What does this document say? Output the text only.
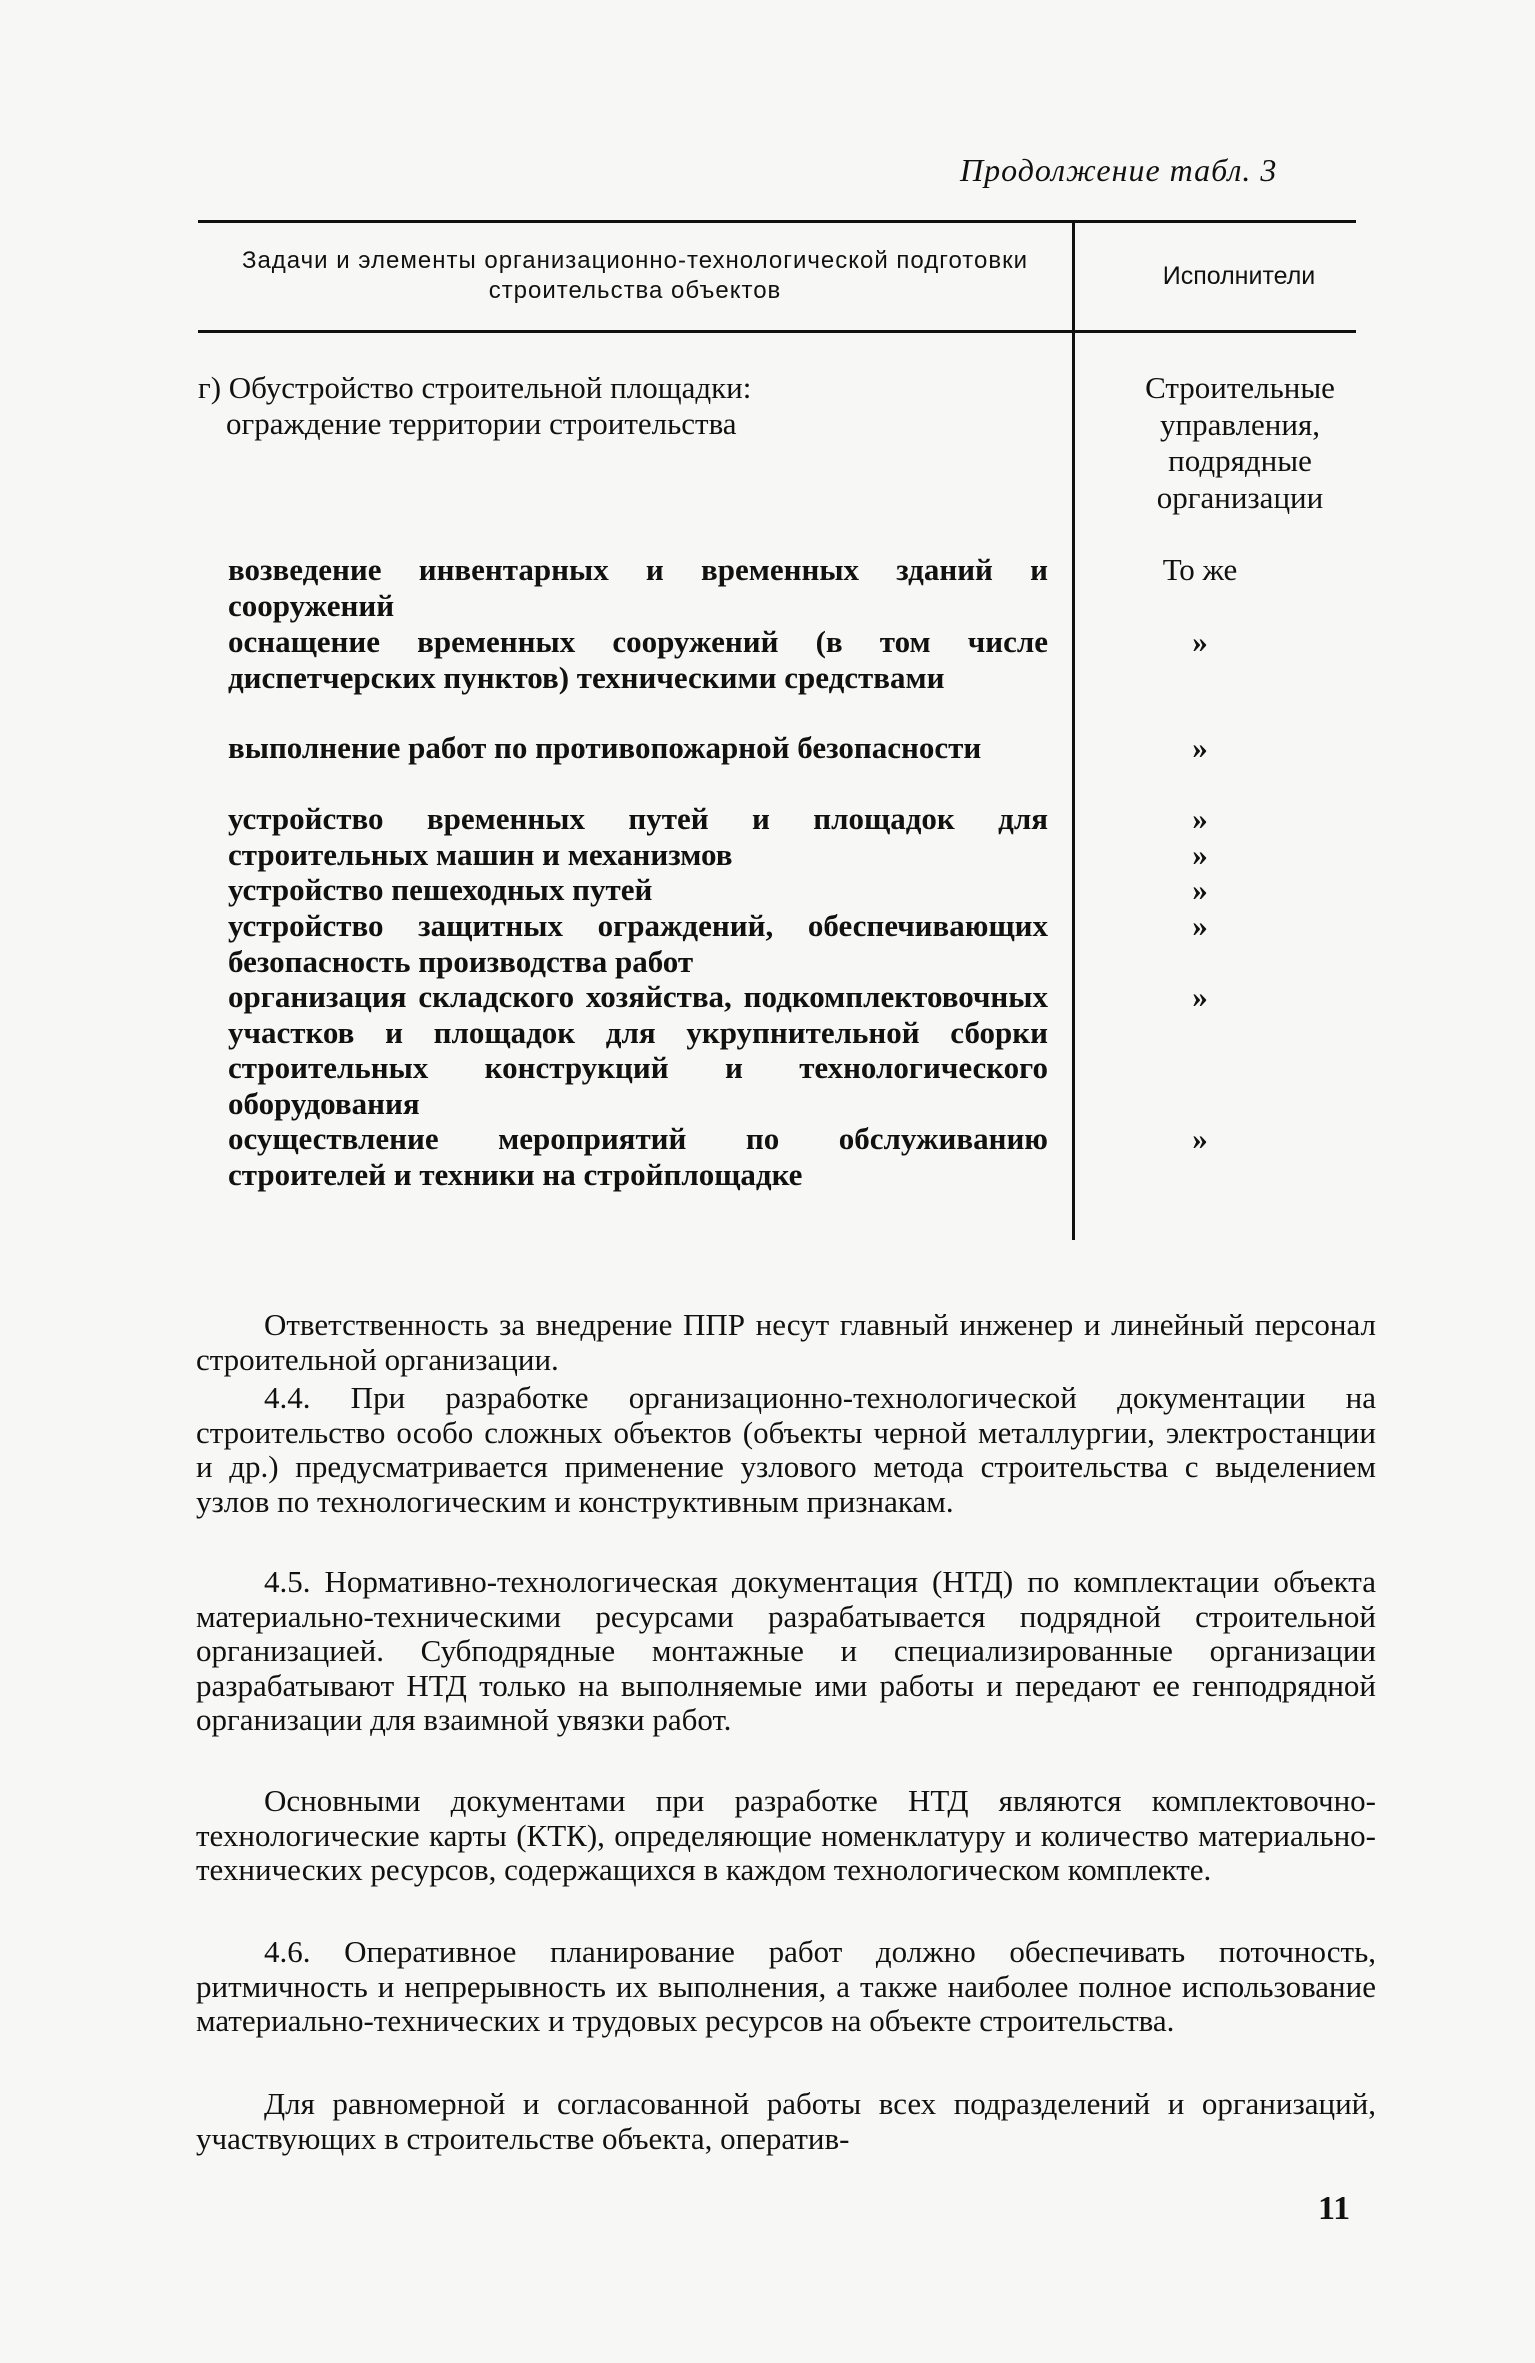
Продолжение табл. 3
Задачи и элементы организационно-технологической подготовки строительства объектов
Исполнители
г) Обустройство строительной площадки:
ограждение территории строительства
Строительные управления, подрядные организации
возведение инвентарных и временных зданий и сооружений
То же
оснащение временных сооружений (в том числе диспетчерских пунктов) техническими средствами
»
выполнение работ по противопожарной безопасности	»
устройство временных путей и площадок для строительных машин и механизмов
»
»
устройство пешеходных путей	»
устройство защитных ограждений, обеспечивающих безопасность производства работ
»
организация складского хозяйства, подкомплектовочных участков и площадок для укрупнительной сборки строительных конструкций и технологического оборудования
»
осуществление мероприятий по обслуживанию строителей и техники на стройплощадке
»
Ответственность за внедрение ППР несут главный инженер и линейный персонал строительной организации.
4.4. При разработке организационно-технологической документации на строительство особо сложных объектов (объекты черной металлургии, электростанции и др.) предусматривается применение узлового метода строительства с выделением узлов по технологическим и конструктивным признакам.
4.5. Нормативно-технологическая документация (НТД) по комплектации объекта материально-техническими ресурсами разрабатывается подрядной строительной организацией. Субподрядные монтажные и специализированные организации разрабатывают НТД только на выполняемые ими работы и передают ее генподрядной организации для взаимной увязки работ.
Основными документами при разработке НТД являются комплектовочно-технологические карты (КТК), определяющие номенклатуру и количество материально-технических ресурсов, содержащихся в каждом технологическом комплекте.
4.6. Оперативное планирование работ должно обеспечивать поточность, ритмичность и непрерывность их выполнения, а также наиболее полное использование материально-технических и трудовых ресурсов на объекте строительства.
Для равномерной и согласованной работы всех подразделений и организаций, участвующих в строительстве объекта, оператив-
11
